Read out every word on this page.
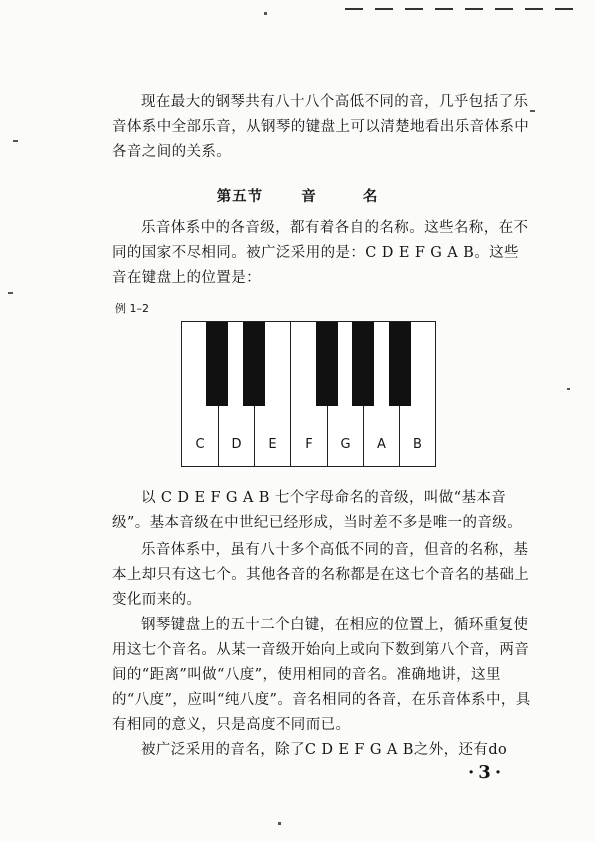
现在最大的钢琴共有八十八个高低不同的音，几乎包括了乐音体系中全部乐音，从钢琴的键盘上可以清楚地看出乐音体系中各音之间的关系。

第五节	音	名

乐音体系中的各音级，都有着各自的名称。这些名称，在不同的国家不尽相同。被广泛采用的是：C D E F G A B。这些音在键盘上的位置是：

例 1–2
C	D	E	F	G	A	B

以 C D E F G A B 七个字母命名的音级，叫做“基本音级”。基本音级在中世纪已经形成，当时差不多是唯一的音级。

乐音体系中，虽有八十多个高低不同的音，但音的名称，基本上却只有这七个。其他各音的名称都是在这七个音名的基础上变化而来的。

钢琴键盘上的五十二个白键，在相应的位置上，循环重复使用这七个音名。从某一音级开始向上或向下数到第八个音，两音间的“距离”叫做“八度”，使用相同的音名。准确地讲，这里的“八度”，应叫“纯八度”。音名相同的各音，在乐音体系中，具有相同的意义，只是高度不同而已。

被广泛采用的音名，除了C D E F G A B之外，还有do

·3·
